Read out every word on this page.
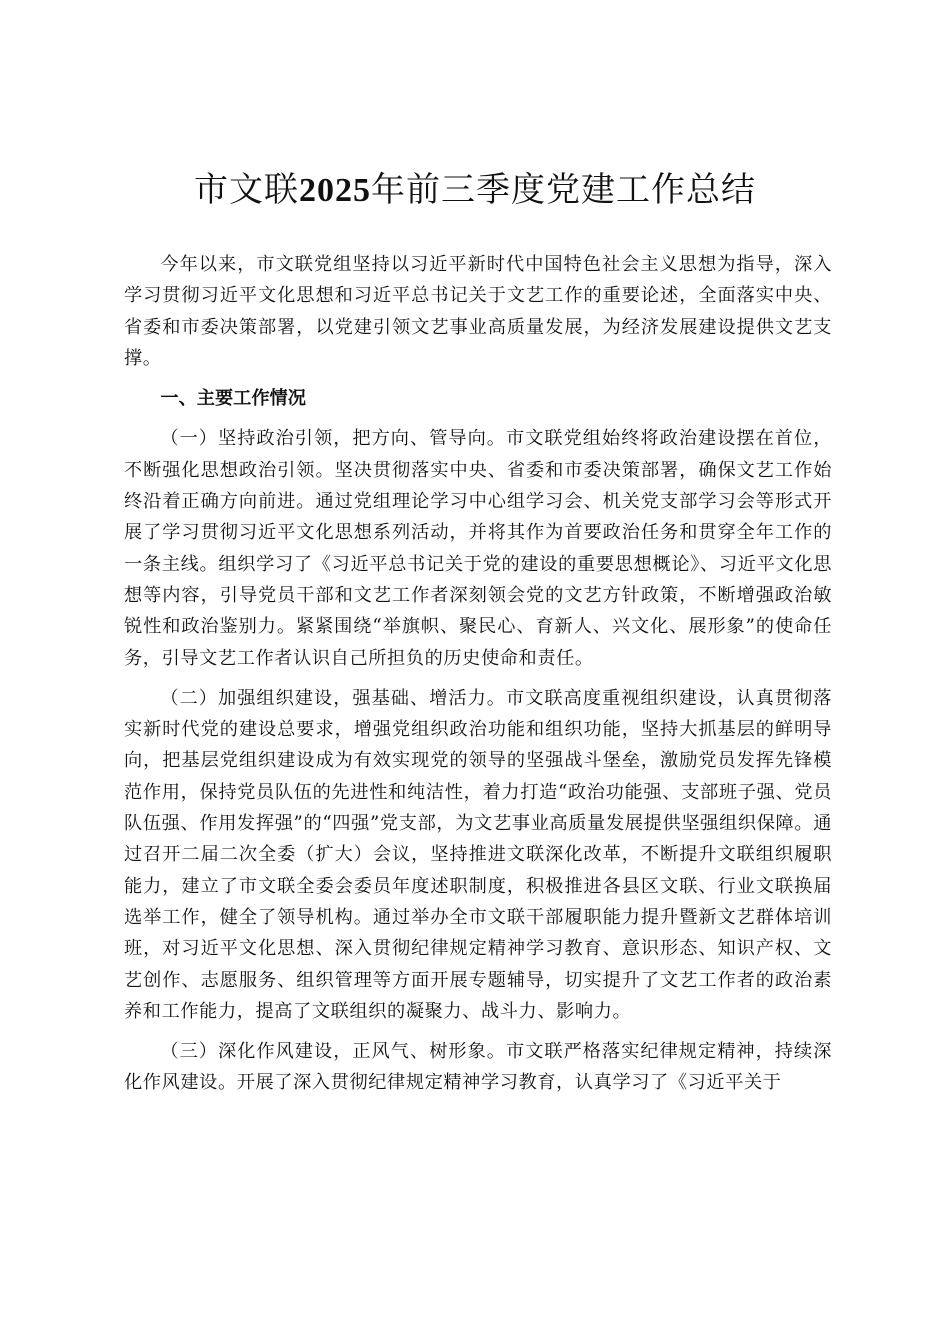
市文联2025年前三季度党建工作总结

今年以来，市文联党组坚持以习近平新时代中国特色社会主义思想为指导，深入学习贯彻习近平文化思想和习近平总书记关于文艺工作的重要论述，全面落实中央、省委和市委决策部署，以党建引领文艺事业高质量发展，为经济发展建设提供文艺支撑。

一、主要工作情况

（一）坚持政治引领，把方向、管导向。市文联党组始终将政治建设摆在首位，不断强化思想政治引领。坚决贯彻落实中央、省委和市委决策部署，确保文艺工作始终沿着正确方向前进。通过党组理论学习中心组学习会、机关党支部学习会等形式开展了学习贯彻习近平文化思想系列活动，并将其作为首要政治任务和贯穿全年工作的一条主线。组织学习了《习近平总书记关于党的建设的重要思想概论》、习近平文化思想等内容，引导党员干部和文艺工作者深刻领会党的文艺方针政策，不断增强政治敏锐性和政治鉴别力。紧紧围绕“举旗帜、聚民心、育新人、兴文化、展形象”的使命任务，引导文艺工作者认识自己所担负的历史使命和责任。

（二）加强组织建设，强基础、增活力。市文联高度重视组织建设，认真贯彻落实新时代党的建设总要求，增强党组织政治功能和组织功能，坚持大抓基层的鲜明导向，把基层党组织建设成为有效实现党的领导的坚强战斗堡垒，激励党员发挥先锋模范作用，保持党员队伍的先进性和纯洁性，着力打造“政治功能强、支部班子强、党员队伍强、作用发挥强”的“四强”党支部，为文艺事业高质量发展提供坚强组织保障。通过召开二届二次全委（扩大）会议，坚持推进文联深化改革，不断提升文联组织履职能力，建立了市文联全委会委员年度述职制度，积极推进各县区文联、行业文联换届选举工作，健全了领导机构。通过举办全市文联干部履职能力提升暨新文艺群体培训班，对习近平文化思想、深入贯彻纪律规定精神学习教育、意识形态、知识产权、文艺创作、志愿服务、组织管理等方面开展专题辅导，切实提升了文艺工作者的政治素养和工作能力，提高了文联组织的凝聚力、战斗力、影响力。

（三）深化作风建设，正风气、树形象。市文联严格落实纪律规定精神，持续深化作风建设。开展了深入贯彻纪律规定精神学习教育，认真学习了《习近平关于
